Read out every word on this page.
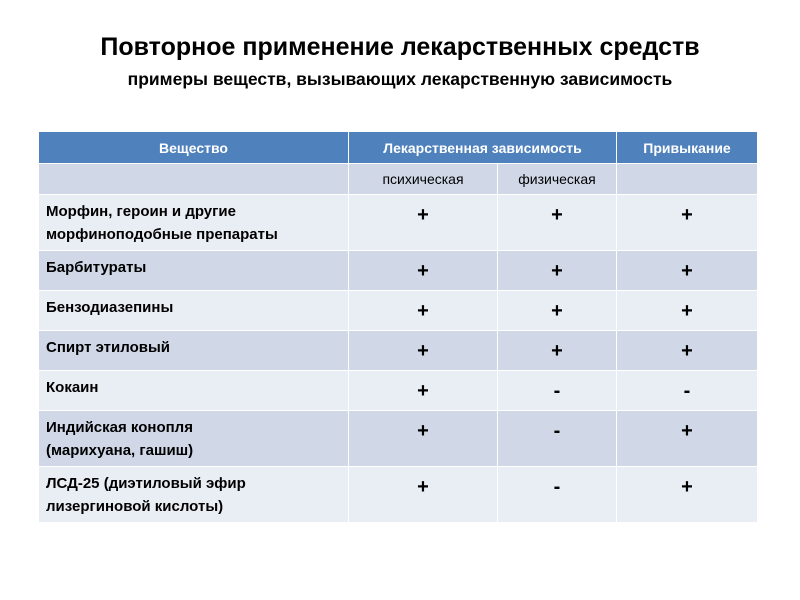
Повторное применение лекарственных средств
примеры веществ, вызывающих лекарственную зависимость
Вещество	Лекарственная зависимость		Привыкание
	психическая	физическая	
Морфин, героин и другие
морфиноподобные препараты	+	+	+
Барбитураты	+	+	+
Бензодиазепины	+	+	+
Спирт этиловый	+	+	+
Кокаин	+	-	-
Индийская конопля
(марихуана, гашиш)	+	-	+
ЛСД-25 (диэтиловый эфир
лизергиновой кислоты)	+	-	+
